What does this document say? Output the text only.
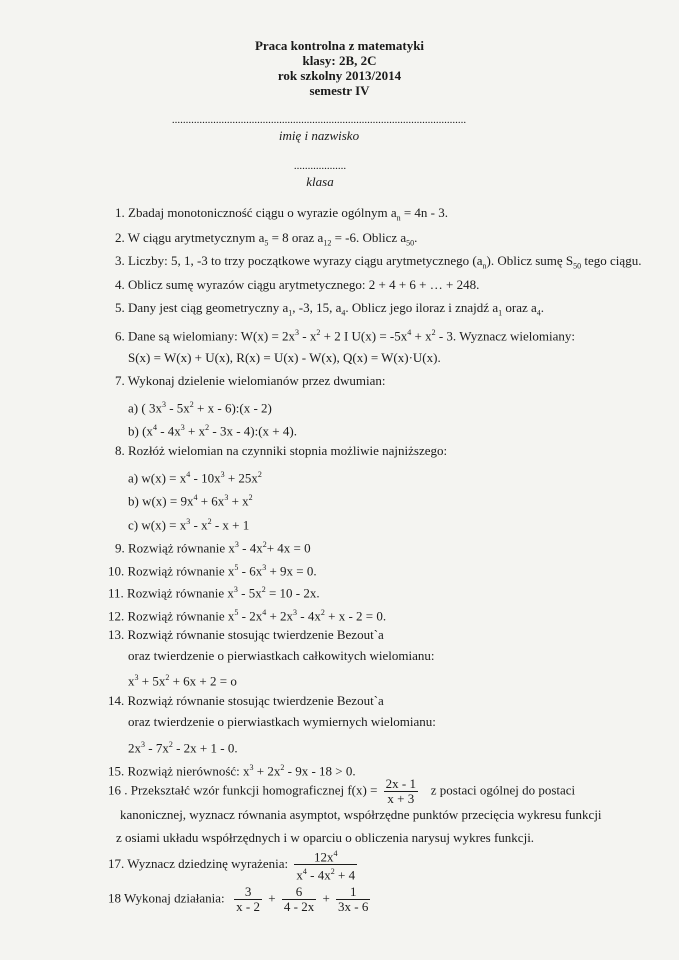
Praca kontrolna z matematyki
klasy: 2B, 2C
rok szkolny 2013/2014
semestr IV
...........................................................................................................
imię i nazwisko
...................
klasa
1. Zbadaj monotoniczność ciągu o wyrazie ogólnym $a_n = 4n - 3$.
2. W ciągu arytmetycznym $a_5 = 8$ oraz $a_{12} = -6$. Oblicz $a_{50}$.
3. Liczby: 5, 1, -3 to trzy początkowe wyrazy ciągu arytmetycznego $(a_n)$. Oblicz sumę $S_{50}$ tego ciągu.
4. Oblicz sumę wyrazów ciągu arytmetycznego: 2 + 4 + 6 + … + 248.
5. Dany jest ciąg geometryczny $a_1$, -3, 15, $a_4$. Oblicz jego iloraz i znajdź $a_1$ oraz $a_4$.
6. Dane są wielomiany: $W(x) = 2x^3 - x^2 + 2$ I $U(x) = -5x^4 + x^2 - 3$. Wyznacz wielomiany:
S(x) = W(x) + U(x), R(x) = U(x) - W(x), Q(x) = W(x)·U(x).
7. Wykonaj dzielenie wielomianów przez dwumian:
a) ( $3x^3 - 5x^2 + x$ - 6):(x - 2)
b) ($x^4 - 4x^3 + x^2 - 3x$ - 4):(x + 4).
8. Rozłóż wielomian na czynniki stopnia możliwie najniższego:
a) $w(x) = x^4 - 10x^3 + 25x^2$
b) $w(x) = 9x^4 + 6x^3 + x^2$
c) $w(x) = x^3 - x^2 - x + 1$
9. Rozwiąż równanie $x^3 - 4x^2+ 4x = 0$
10. Rozwiąż równanie $x^5 - 6x^3 + 9x = 0$.
11. Rozwiąż równanie $x^3 - 5x^2 = 10 - 2x$.
12. Rozwiąż równanie $x^5 - 2x^4 + 2x^3 - 4x^2 + x - 2 = 0$.
13. Rozwiąż równanie stosując twierdzenie Bezout`a
oraz twierdzenie o pierwiastkach całkowitych wielomianu:
$x^3 + 5x^2 + 6x + 2 = o$
14. Rozwiąż równanie stosując twierdzenie Bezout`a
oraz twierdzenie o pierwiastkach wymiernych wielomianu:
$2x^3 - 7x^2 - 2x + 1 - 0$.
15. Rozwiąż nierówność: $x^3 + 2x^2 - 9x - 18 > 0$.
16 . Przekształć wzór funkcji homograficznej $f(x) = \frac{2x - 1}{x + 3}$ z postaci ogólnej do postaci
kanonicznej, wyznacz równania asymptot, współrzędne punktów przecięcia wykresu funkcji
z osiami układu współrzędnych i w oparciu o obliczenia narysuj wykres funkcji.
17. Wyznacz dziedzinę wyrażenia: $\frac{12x^4}{x^4 - 4x^2 + 4}$
18 Wykonaj działania: $\frac{3}{x - 2} + \frac{6}{4 - 2x} + \frac{1}{3x - 6}$
